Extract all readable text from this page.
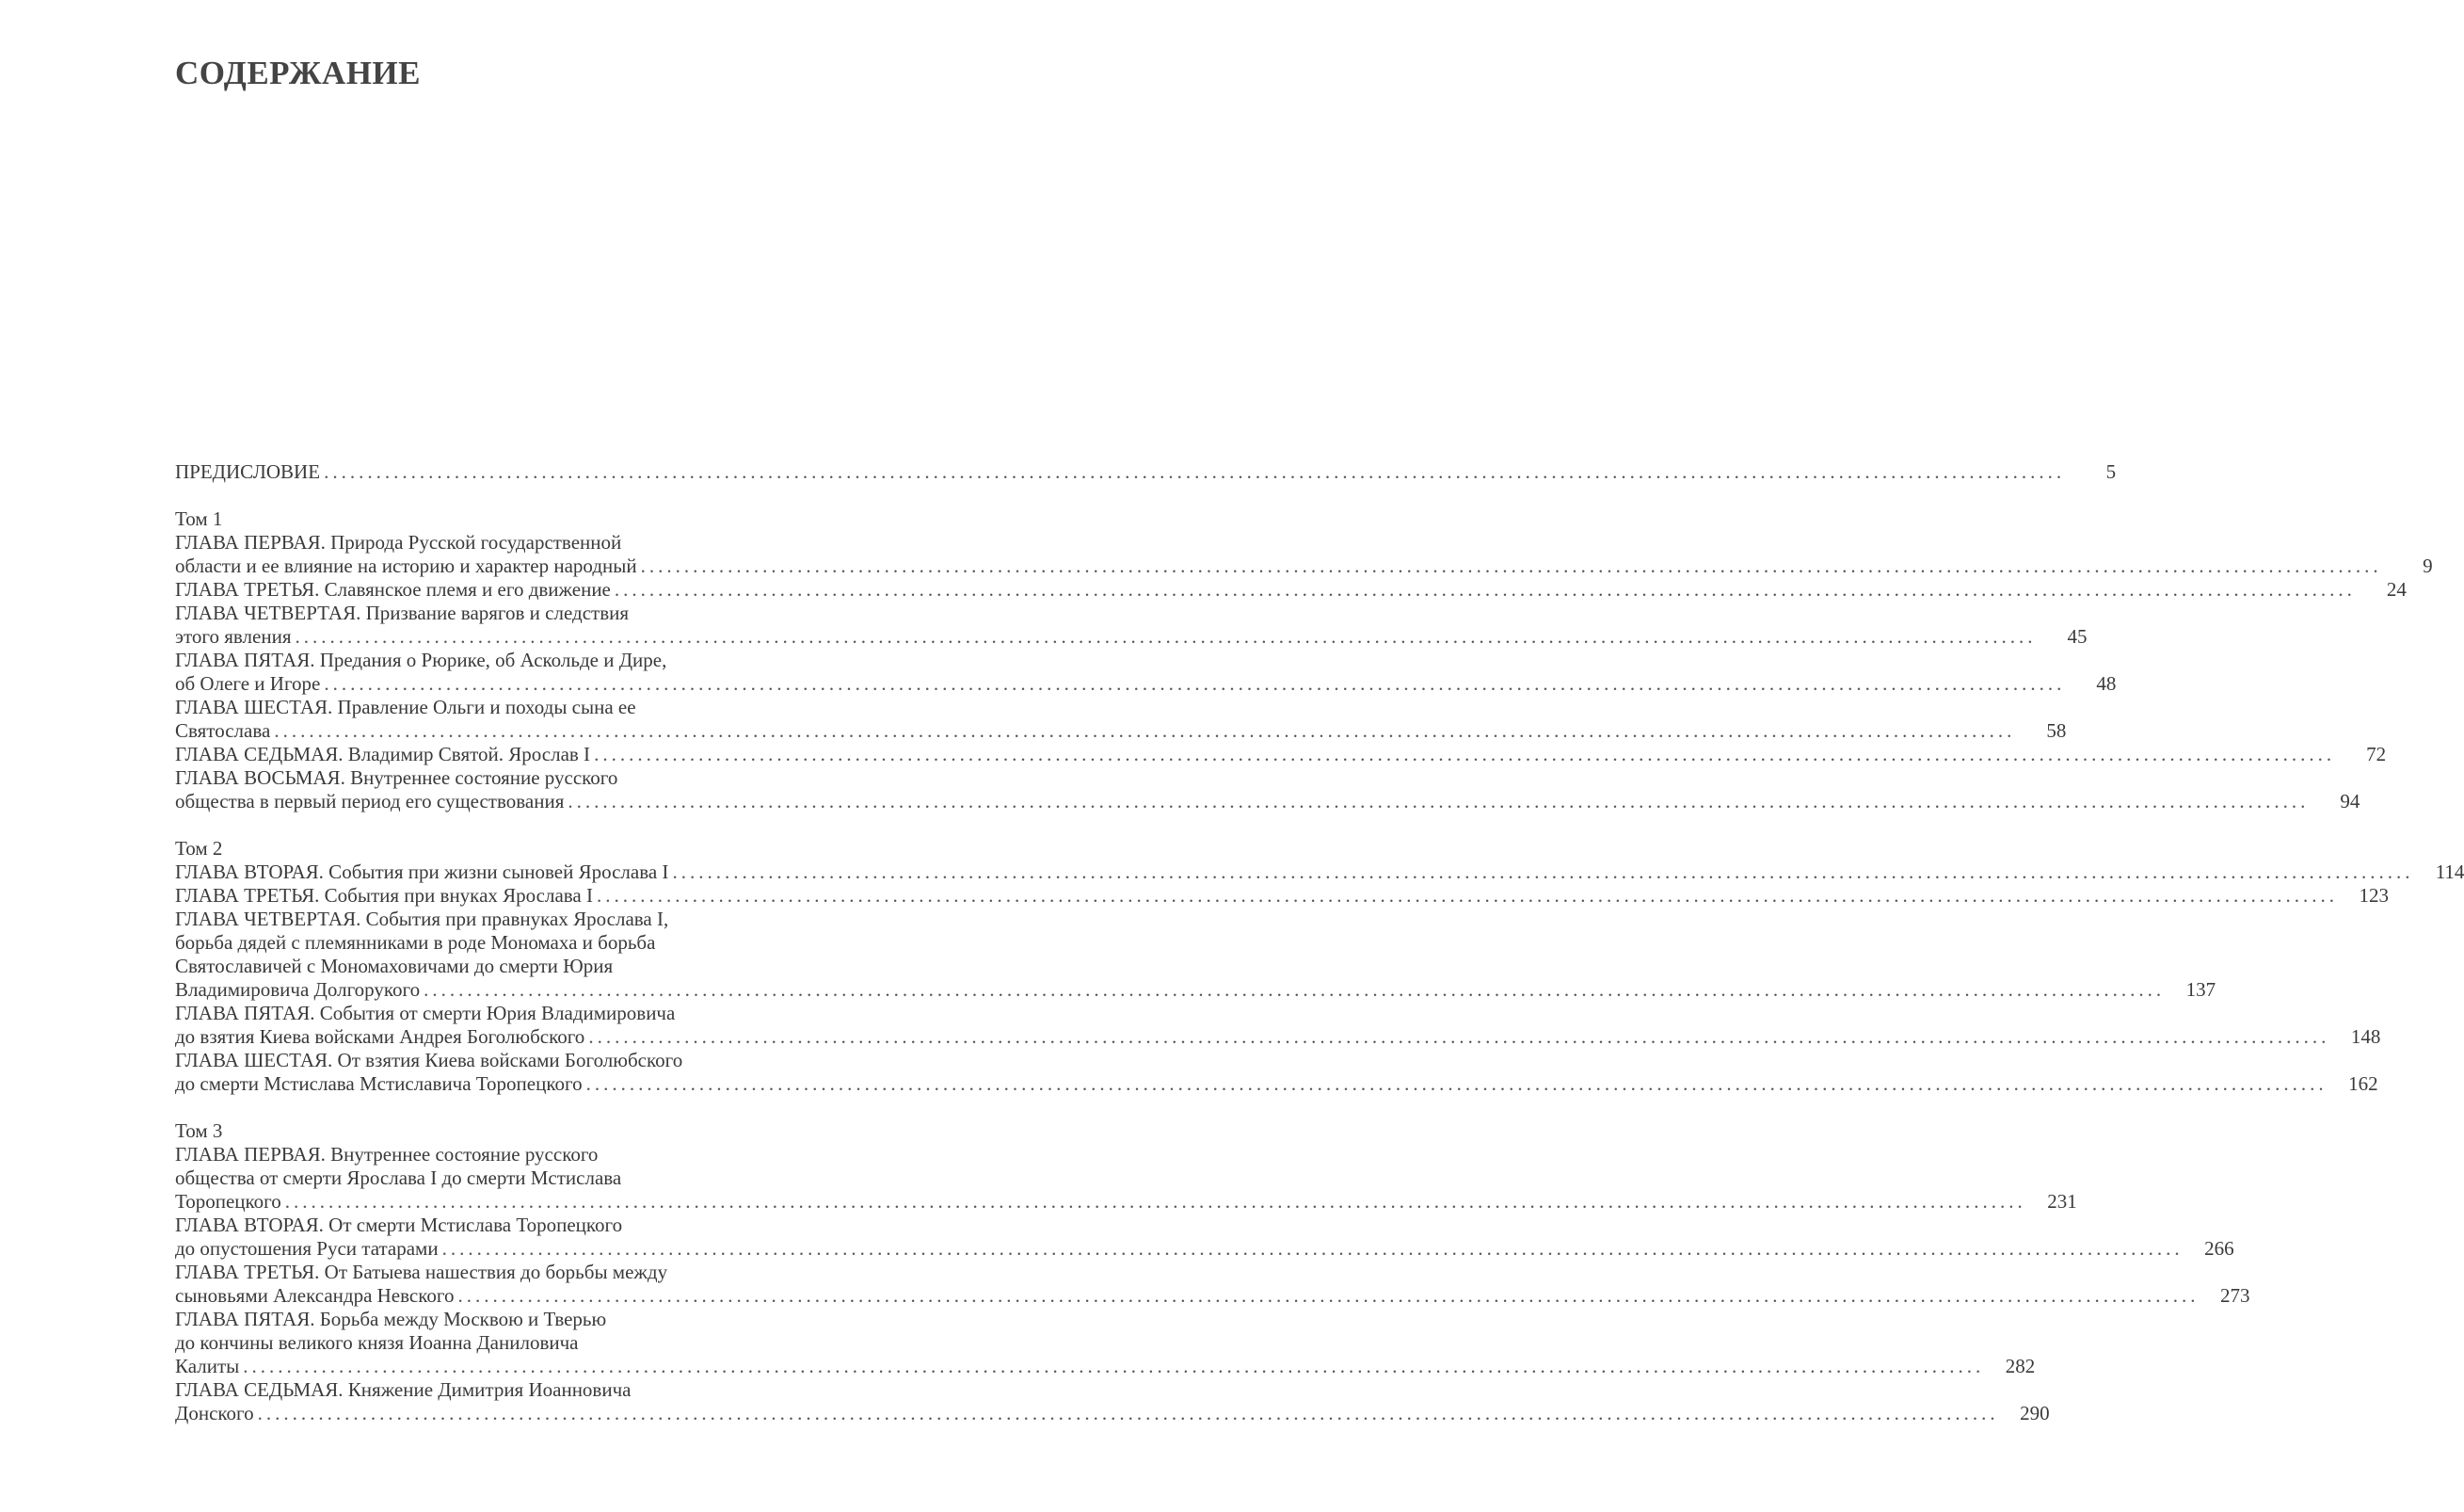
СОДЕРЖАНИЕ
ПРЕДИСЛОВИЕ ........................................................................................................................................................................................................	5
Том 1
ГЛАВА ПЕРВАЯ. Природа Русской государственной
области и ее влияние на историю и характер народный ........................................................................................................................................................................................................	9
ГЛАВА ТРЕТЬЯ. Славянское племя и его движение ........................................................................................................................................................................................................	24
ГЛАВА ЧЕТВЕРТАЯ. Призвание варягов и следствия
этого явления ........................................................................................................................................................................................................	45
ГЛАВА ПЯТАЯ. Предания о Рюрике, об Аскольде и Дире,
об Олеге и Игоре ........................................................................................................................................................................................................	48
ГЛАВА ШЕСТАЯ. Правление Ольги и походы сына ее
Святослава ........................................................................................................................................................................................................	58
ГЛАВА СЕДЬМАЯ. Владимир Святой. Ярослав I ........................................................................................................................................................................................................	72
ГЛАВА ВОСЬМАЯ. Внутреннее состояние русского
общества в первый период его существования ........................................................................................................................................................................................................	94
Том 2
ГЛАВА ВТОРАЯ. События при жизни сыновей Ярослава I ........................................................................................................................................................................................................	114
ГЛАВА ТРЕТЬЯ. События при внуках Ярослава I ........................................................................................................................................................................................................	123
ГЛАВА ЧЕТВЕРТАЯ. События при правнуках Ярослава I,
борьба дядей с племянниками в роде Мономаха и борьба
Святославичей с Мономаховичами до смерти Юрия
Владимировича Долгорукого ........................................................................................................................................................................................................	137
ГЛАВА ПЯТАЯ. События от смерти Юрия Владимировича
до взятия Киева войсками Андрея Боголюбского ........................................................................................................................................................................................................	148
ГЛАВА ШЕСТАЯ. От взятия Киева войсками Боголюбского
до смерти Мстислава Мстиславича Торопецкого ........................................................................................................................................................................................................	162
Том 3
ГЛАВА ПЕРВАЯ. Внутреннее состояние русского
общества от смерти Ярослава I до смерти Мстислава
Торопецкого ........................................................................................................................................................................................................	231
ГЛАВА ВТОРАЯ. От смерти Мстислава Торопецкого
до опустошения Руси татарами ........................................................................................................................................................................................................	266
ГЛАВА ТРЕТЬЯ. От Батыева нашествия до борьбы между
сыновьями Александра Невского ........................................................................................................................................................................................................	273
ГЛАВА ПЯТАЯ. Борьба между Москвою и Тверью
до кончины великого князя Иоанна Даниловича
Калиты ........................................................................................................................................................................................................	282
ГЛАВА СЕДЬМАЯ. Княжение Димитрия Иоанновича
Донского ........................................................................................................................................................................................................	290
